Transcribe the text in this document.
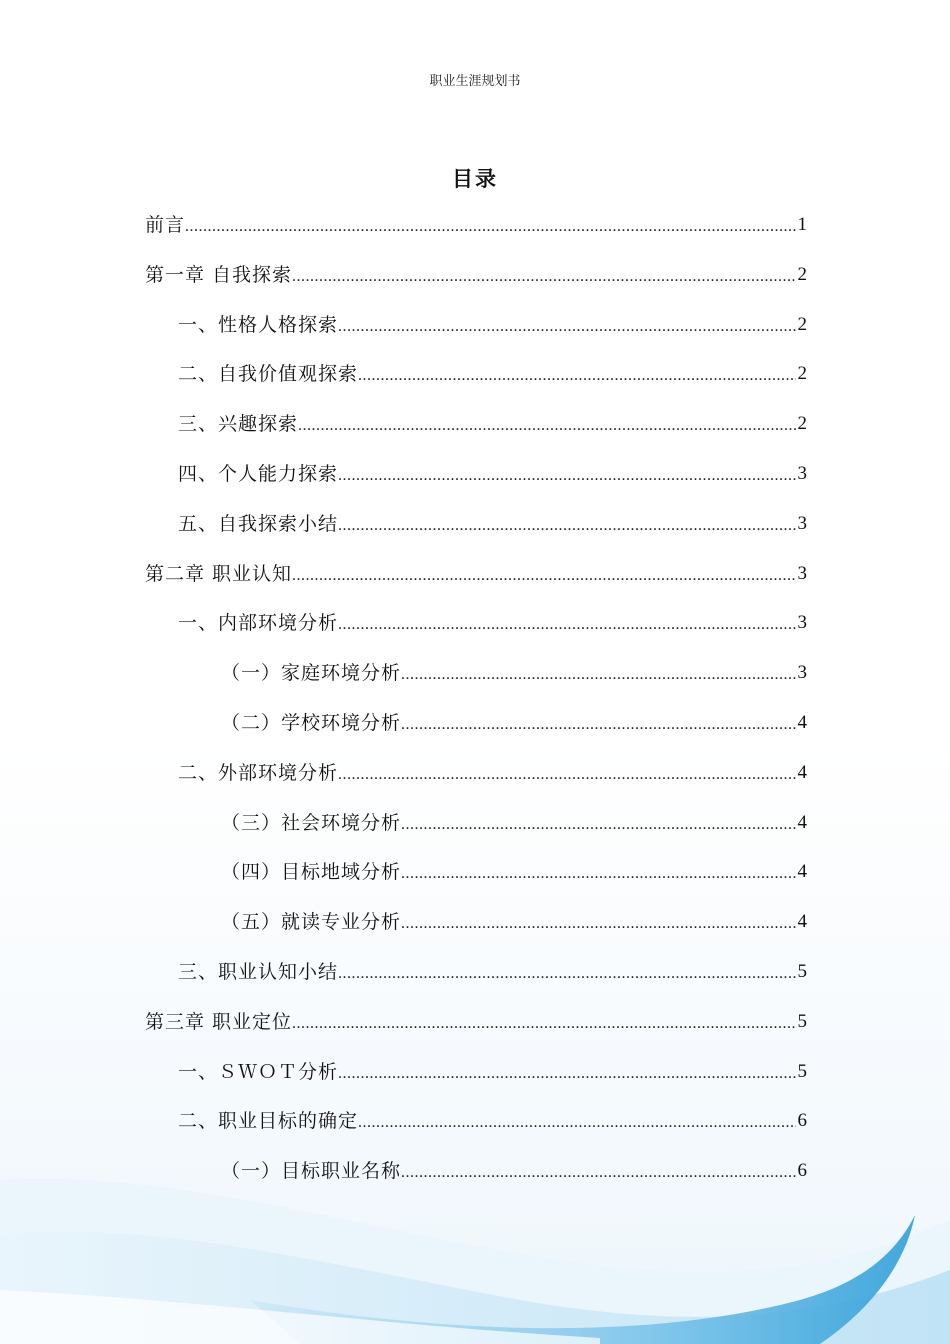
职业生涯规划书
目录
前言 .....	1
第一章 自我探索 .....	2
一、性格人格探索 .....	2
二、自我价值观探索 .....	2
三、兴趣探索 .....	2
四、个人能力探索 .....	3
五、自我探索小结 .....	3
第二章 职业认知 .....	3
一、内部环境分析 .....	3
（一）家庭环境分析 .....	3
（二）学校环境分析 .....	4
二、外部环境分析 .....	4
（三）社会环境分析 .....	4
（四）目标地域分析 .....	4
（五）就读专业分析 .....	4
三、职业认知小结 .....	5
第三章 职业定位 .....	5
一、ＳＷＯＴ分析 .....	5
二、职业目标的确定 .....	6
（一）目标职业名称 .....	6
